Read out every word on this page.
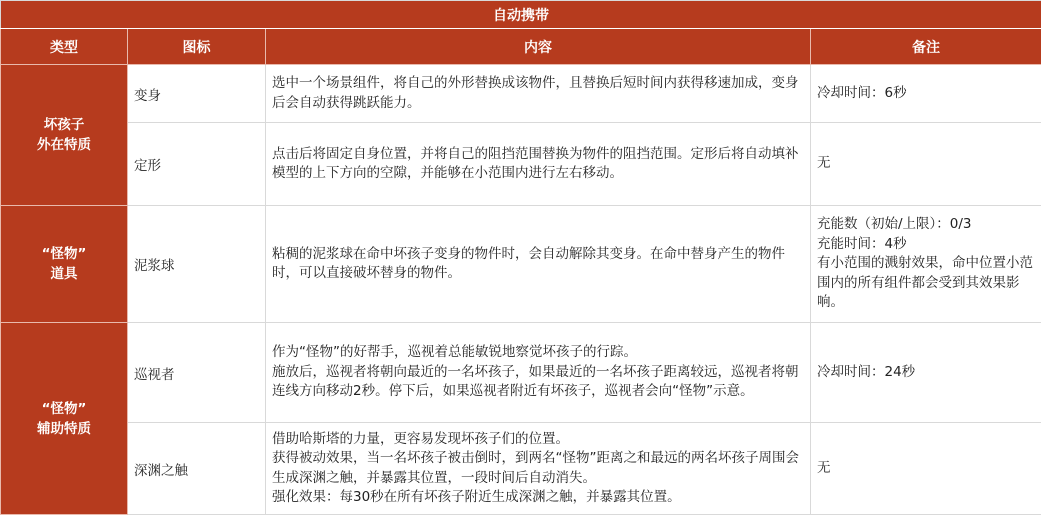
自动携带			
类型	图标	内容	备注

坏孩子
外在特质	变身	选中一个场景组件，将自己的外形替换成该物件，且替换后短时间内获得移速加成，变身后会自动获得跳跃能力。	冷却时间：6秒

	定形	点击后将固定自身位置，并将自己的阻挡范围替换为物件的阻挡范围。定形后将自动填补模型的上下方向的空隙，并能够在小范围内进行左右移动。	无

“怪物”
道具	泥浆球	粘稠的泥浆球在命中坏孩子变身的物件时，会自动解除其变身。在命中替身产生的物件时，可以直接破坏替身的物件。	充能数（初始/上限）：0/3
充能时间：4秒
有小范围的溅射效果，命中位置小范围内的所有组件都会受到其效果影响。

“怪物”
辅助特质	巡视者	作为“怪物”的好帮手，巡视着总能敏锐地察觉坏孩子的行踪。
施放后，巡视者将朝向最近的一名坏孩子，如果最近的一名坏孩子距离较远，巡视者将朝连线方向移动2秒。停下后，如果巡视者附近有坏孩子，巡视者会向“怪物”示意。	冷却时间：24秒

	深渊之触	借助哈斯塔的力量，更容易发现坏孩子们的位置。
获得被动效果，当一名坏孩子被击倒时，到两名“怪物”距离之和最远的两名坏孩子周围会生成深渊之触，并暴露其位置，一段时间后自动消失。
强化效果：每30秒在所有坏孩子附近生成深渊之触，并暴露其位置。	无
